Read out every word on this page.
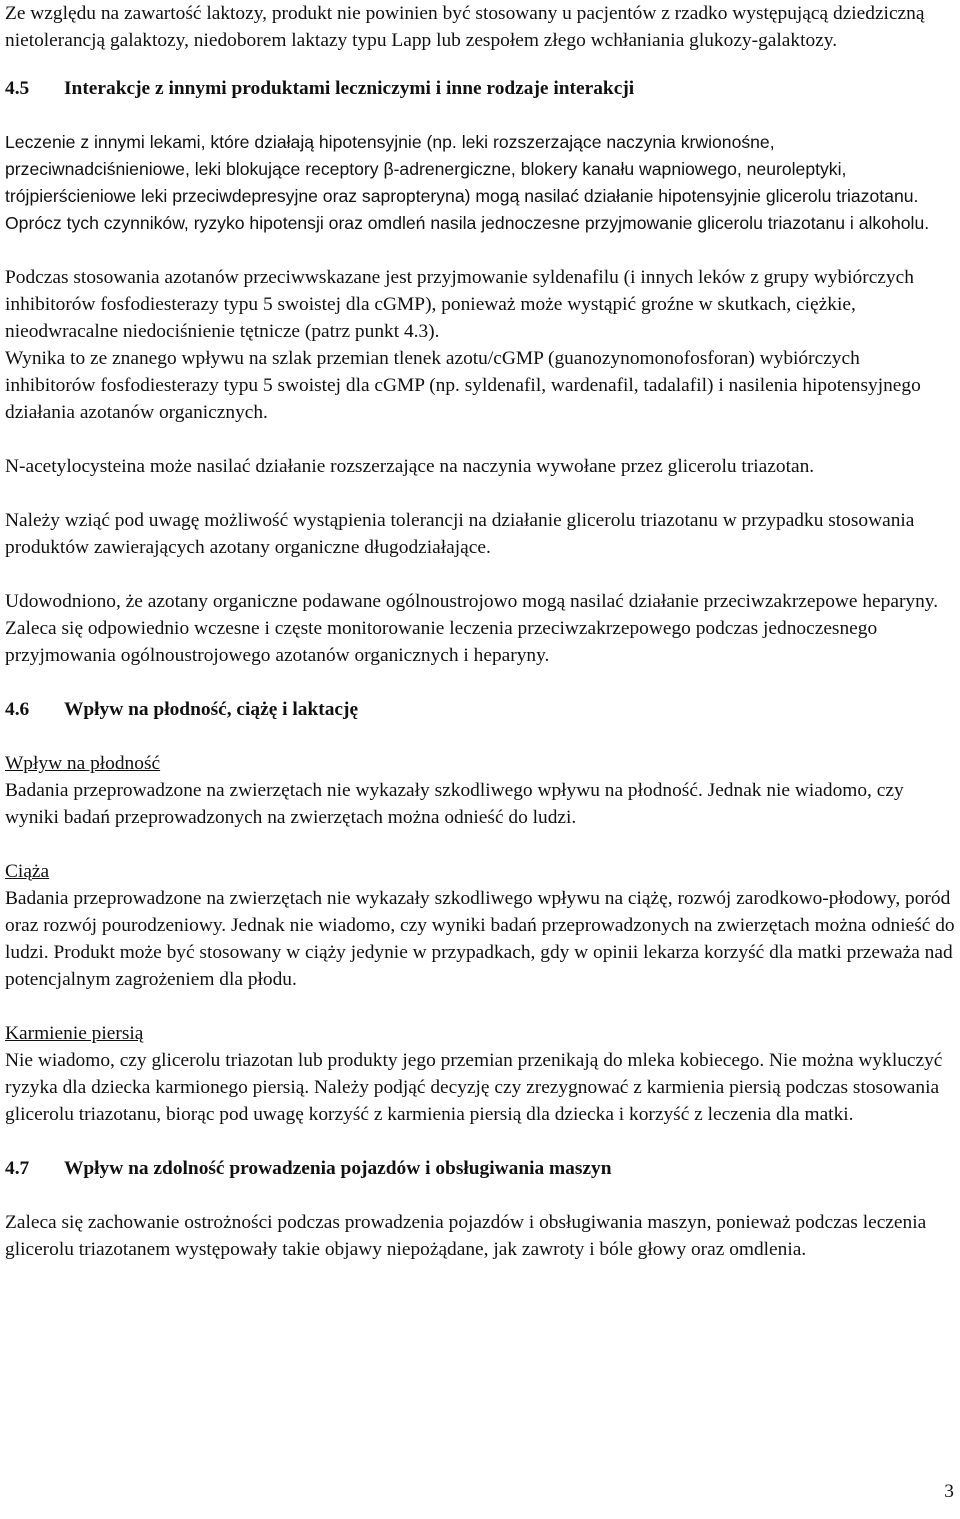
Ze względu na zawartość laktozy, produkt nie powinien być stosowany u pacjentów z rzadko występującą dziedziczną nietolerancją galaktozy, niedoborem laktazy typu Lapp lub zespołem złego wchłaniania glukozy-galaktozy.

4.5 Interakcje z innymi produktami leczniczymi i inne rodzaje interakcji

Leczenie z innymi lekami, które działają hipotensyjnie (np. leki rozszerzające naczynia krwionośne, przeciwnadciśnieniowe, leki blokujące receptory β-adrenergiczne, blokery kanału wapniowego, neuroleptyki, trójpierścieniowe leki przeciwdepresyjne oraz sapropteryna) mogą nasilać działanie hipotensyjnie glicerolu triazotanu. Oprócz tych czynników, ryzyko hipotensji oraz omdleń nasila jednoczesne przyjmowanie glicerolu triazotanu i alkoholu.

Podczas stosowania azotanów przeciwwskazane jest przyjmowanie syldenafilu (i innych leków z grupy wybiórczych inhibitorów fosfodiesterazy typu 5 swoistej dla cGMP), ponieważ może wystąpić groźne w skutkach, ciężkie, nieodwracalne niedociśnienie tętnicze (patrz punkt 4.3).

Wynika to ze znanego wpływu na szlak przemian tlenek azotu/cGMP (guanozynomonofosforan) wybiórczych inhibitorów fosfodiesterazy typu 5 swoistej dla cGMP (np. syldenafil, wardenafil, tadalafil) i nasilenia hipotensyjnego działania azotanów organicznych.

N-acetylocysteina może nasilać działanie rozszerzające na naczynia wywołane przez glicerolu triazotan.

Należy wziąć pod uwagę możliwość wystąpienia tolerancji na działanie glicerolu triazotanu w przypadku stosowania produktów zawierających azotany organiczne długodziałające.

Udowodniono, że azotany organiczne podawane ogólnoustrojowo mogą nasilać działanie przeciwzakrzepowe heparyny. Zaleca się odpowiednio wczesne i częste monitorowanie leczenia przeciwzakrzepowego podczas jednoczesnego przyjmowania ogólnoustrojowego azotanów organicznych i heparyny.

4.6 Wpływ na płodność, ciążę i laktację
Wpływ na płodność

Badania przeprowadzone na zwierzętach nie wykazały szkodliwego wpływu na płodność. Jednak nie wiadomo, czy wyniki badań przeprowadzonych na zwierzętach można odnieść do ludzi.

Ciąża

Badania przeprowadzone na zwierzętach nie wykazały szkodliwego wpływu na ciążę, rozwój zarodkowo-płodowy, poród oraz rozwój pourodzeniowy. Jednak nie wiadomo, czy wyniki badań przeprowadzonych na zwierzętach można odnieść do ludzi. Produkt może być stosowany w ciąży jedynie w przypadkach, gdy w opinii lekarza korzyść dla matki przeważa nad potencjalnym zagrożeniem dla płodu.

Karmienie piersią

Nie wiadomo, czy glicerolu triazotan lub produkty jego przemian przenikają do mleka kobiecego. Nie można wykluczyć ryzyka dla dziecka karmionego piersią. Należy podjąć decyzję czy zrezygnować z karmienia piersią podczas stosowania glicerolu triazotanu, biorąc pod uwagę korzyść z karmienia piersią dla dziecka i korzyść z leczenia dla matki.

4.7 Wpływ na zdolność prowadzenia pojazdów i obsługiwania maszyn

Zaleca się zachowanie ostrożności podczas prowadzenia pojazdów i obsługiwania maszyn, ponieważ podczas leczenia glicerolu triazotanem występowały takie objawy niepożądane, jak zawroty i bóle głowy oraz omdlenia.

3
